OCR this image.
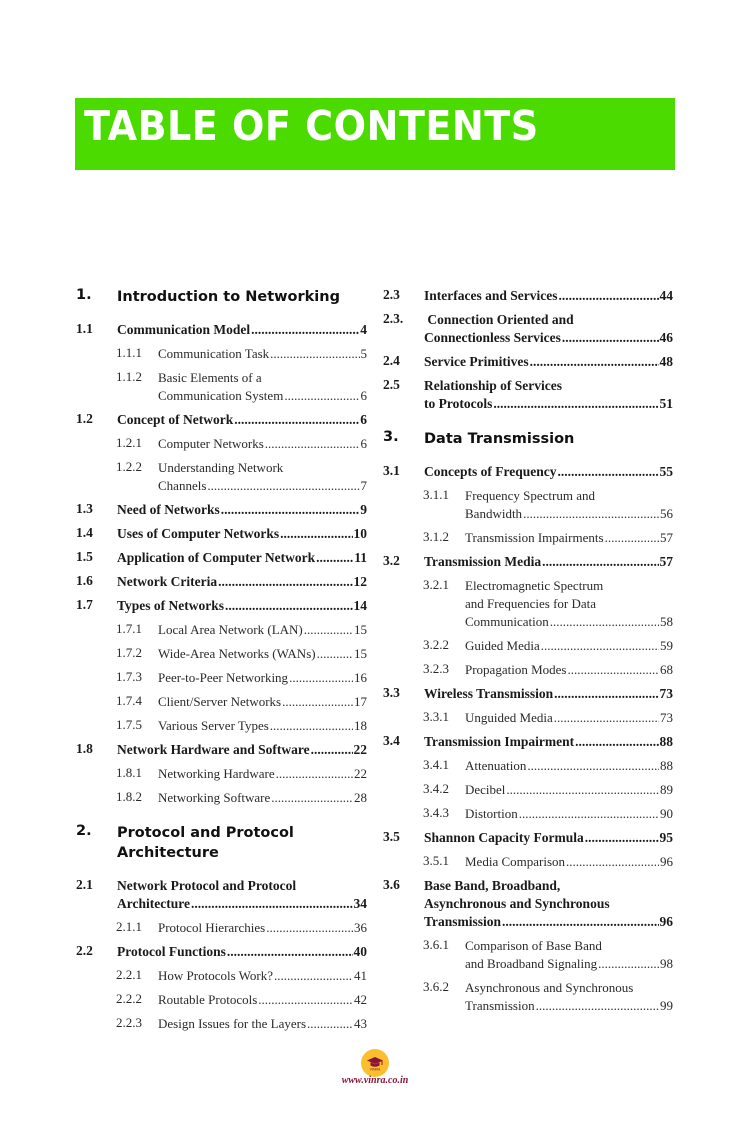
TABLE OF CONTENTS
1. Introduction to Networking
1.1 Communication Model .....	4
1.1.1 Communication Task .....	5
1.1.2 Basic Elements of a
Communication System .....	6
1.2 Concept of Network .....	6
1.2.1 Computer Networks .....	6
1.2.2 Understanding Network
Channels .....	7
1.3 Need of Networks .....	9
1.4 Uses of Computer Networks .....	10
1.5 Application of Computer Network .....	11
1.6 Network Criteria .....	12
1.7 Types of Networks .....	14
1.7.1 Local Area Network (LAN) .....	15
1.7.2 Wide-Area Networks (WANs) .....	15
1.7.3 Peer-to-Peer Networking .....	16
1.7.4 Client/Server Networks .....	17
1.7.5 Various Server Types .....	18
1.8 Network Hardware and Software .....	22
1.8.1 Networking Hardware .....	22
1.8.2 Networking Software .....	28
2. Protocol and Protocol Architecture
2.1 Network Protocol and Protocol
Architecture .....	34
2.1.1 Protocol Hierarchies .....	36
2.2 Protocol Functions .....	40
2.2.1 How Protocols Work? .....	41
2.2.2 Routable Protocols .....	42
2.2.3 Design Issues for the Layers .....	43
2.3 Interfaces and Services .....	44
2.3. Connection Oriented and
Connectionless Services .....	46
2.4 Service Primitives .....	48
2.5 Relationship of Services
to Protocols .....	51
3. Data Transmission
3.1 Concepts of Frequency .....	55
3.1.1 Frequency Spectrum and
Bandwidth .....	56
3.1.2 Transmission Impairments .....	57
3.2 Transmission Media .....	57
3.2.1 Electromagnetic Spectrum
and Frequencies for Data
Communication .....	58
3.2.2 Guided Media .....	59
3.2.3 Propagation Modes .....	68
3.3 Wireless Transmission .....	73
3.3.1 Unguided Media .....	73
3.4 Transmission Impairment .....	88
3.4.1 Attenuation .....	88
3.4.2 Decibel .....	89
3.4.3 Distortion .....	90
3.5 Shannon Capacity Formula .....	95
3.5.1 Media Comparison .....	96
3.6 Base Band, Broadband,
Asynchronous and Synchronous
Transmission .....	96
3.6.1 Comparison of Base Band
and Broadband Signaling .....	98
3.6.2 Asynchronous and Synchronous
Transmission .....	99
VINRA
www.vinra.co.in
